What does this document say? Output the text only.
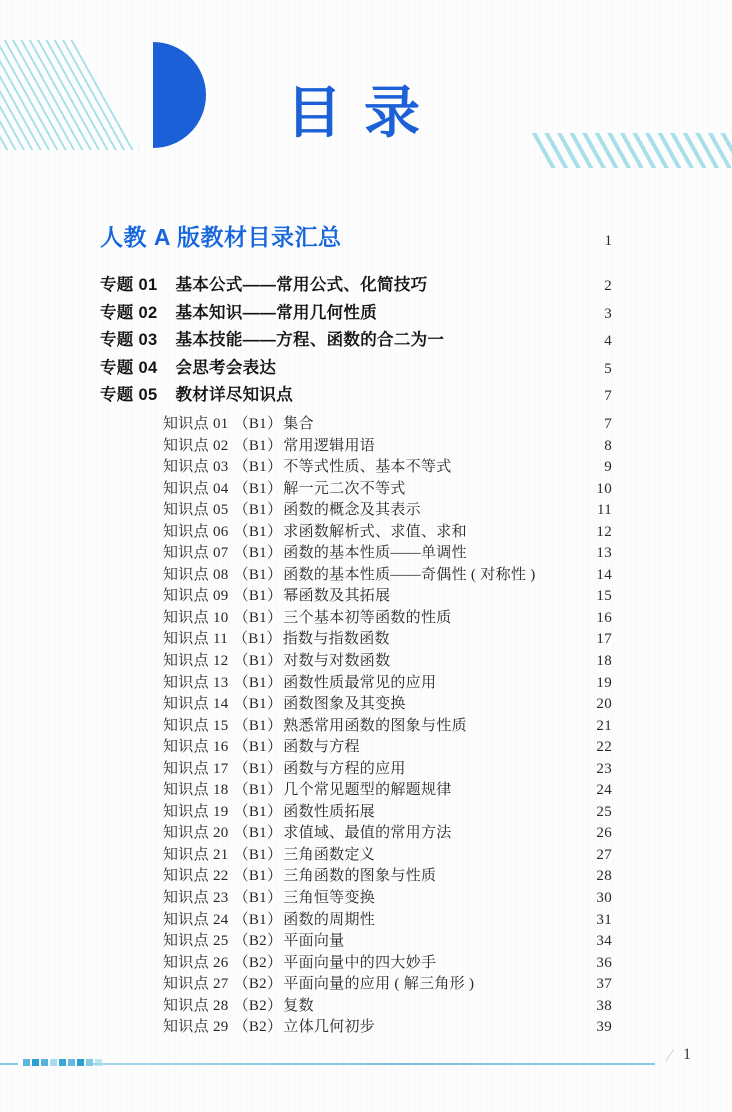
目 录
人教 A 版教材目录汇总	1
专题 01 基本公式——常用公式、化简技巧	2
专题 02 基本知识——常用几何性质	3
专题 03 基本技能——方程、函数的合二为一	4
专题 04 会思考会表达	5
专题 05 教材详尽知识点	7
知识点 01 （B1） 集合	7
知识点 02 （B1） 常用逻辑用语	8
知识点 03 （B1） 不等式性质、基本不等式	9
知识点 04 （B1） 解一元二次不等式	10
知识点 05 （B1） 函数的概念及其表示	11
知识点 06 （B1） 求函数解析式、求值、求和	12
知识点 07 （B1） 函数的基本性质——单调性	13
知识点 08 （B1） 函数的基本性质——奇偶性 ( 对称性 )	14
知识点 09 （B1） 幂函数及其拓展	15
知识点 10 （B1） 三个基本初等函数的性质	16
知识点 11 （B1） 指数与指数函数	17
知识点 12 （B1） 对数与对数函数	18
知识点 13 （B1） 函数性质最常见的应用	19
知识点 14 （B1） 函数图象及其变换	20
知识点 15 （B1） 熟悉常用函数的图象与性质	21
知识点 16 （B1） 函数与方程	22
知识点 17 （B1） 函数与方程的应用	23
知识点 18 （B1） 几个常见题型的解题规律	24
知识点 19 （B1） 函数性质拓展	25
知识点 20 （B1） 求值域、最值的常用方法	26
知识点 21 （B1） 三角函数定义	27
知识点 22 （B1） 三角函数的图象与性质	28
知识点 23 （B1） 三角恒等变换	30
知识点 24 （B1） 函数的周期性	31
知识点 25 （B2） 平面向量	34
知识点 26 （B2） 平面向量中的四大妙手	36
知识点 27 （B2） 平面向量的应用 ( 解三角形 )	37
知识点 28 （B2） 复数	38
知识点 29 （B2） 立体几何初步	39
/ 1
